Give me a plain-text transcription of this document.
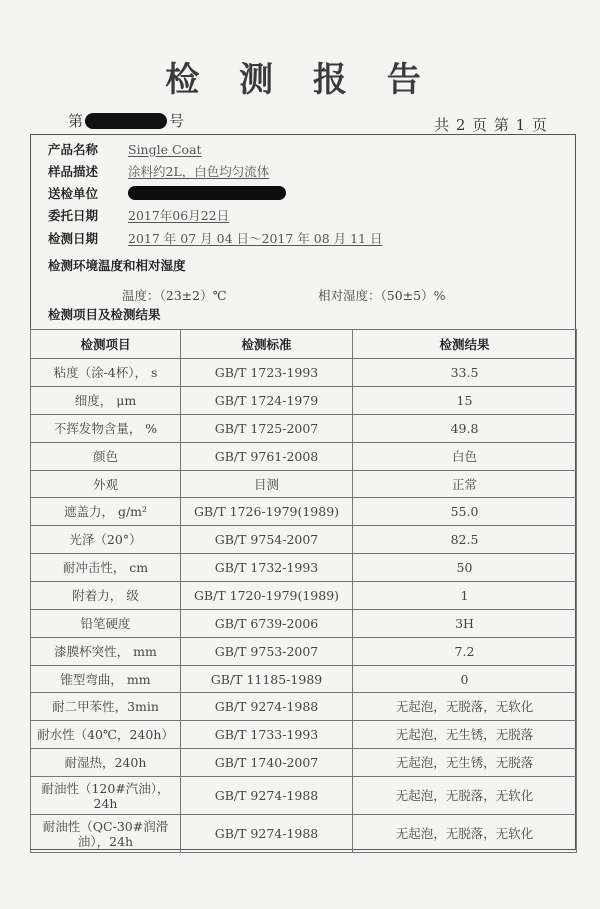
检 测 报 告
第	号	共 2 页 第 1 页
产品名称	Single Coat
样品描述	涂料约2L，白色均匀流体
送检单位
委托日期	2017年06月22日
检测日期	2017 年 07 月 04 日～2017 年 08 月 11 日
检测环境温度和相对湿度
温度：（23±2）℃	相对湿度：（50±5）%
检测项目及检测结果
检测项目	检测标准	检测结果
粘度（涂-4杯）， s	GB/T 1723-1993	33.5
细度， μm	GB/T 1724-1979	15
不挥发物含量， %	GB/T 1725-2007	49.8
颜色	GB/T 9761-2008	白色
外观	目测	正常
遮盖力， g/m²	GB/T 1726-1979(1989)	55.0
光泽（20°）	GB/T 9754-2007	82.5
耐冲击性， cm	GB/T 1732-1993	50
附着力， 级	GB/T 1720-1979(1989)	1
铅笔硬度	GB/T 6739-2006	3H
漆膜杯突性， mm	GB/T 9753-2007	7.2
锥型弯曲， mm	GB/T 11185-1989	0
耐二甲苯性，3min	GB/T 9274-1988	无起泡，无脱落，无软化
耐水性（40℃，240h）	GB/T 1733-1993	无起泡，无生锈，无脱落
耐湿热，240h	GB/T 1740-2007	无起泡，无生锈，无脱落
耐油性（120#汽油），
24h	GB/T 9274-1988	无起泡，无脱落，无软化
耐油性（QC-30#润滑
油），24h	GB/T 9274-1988	无起泡，无脱落，无软化
